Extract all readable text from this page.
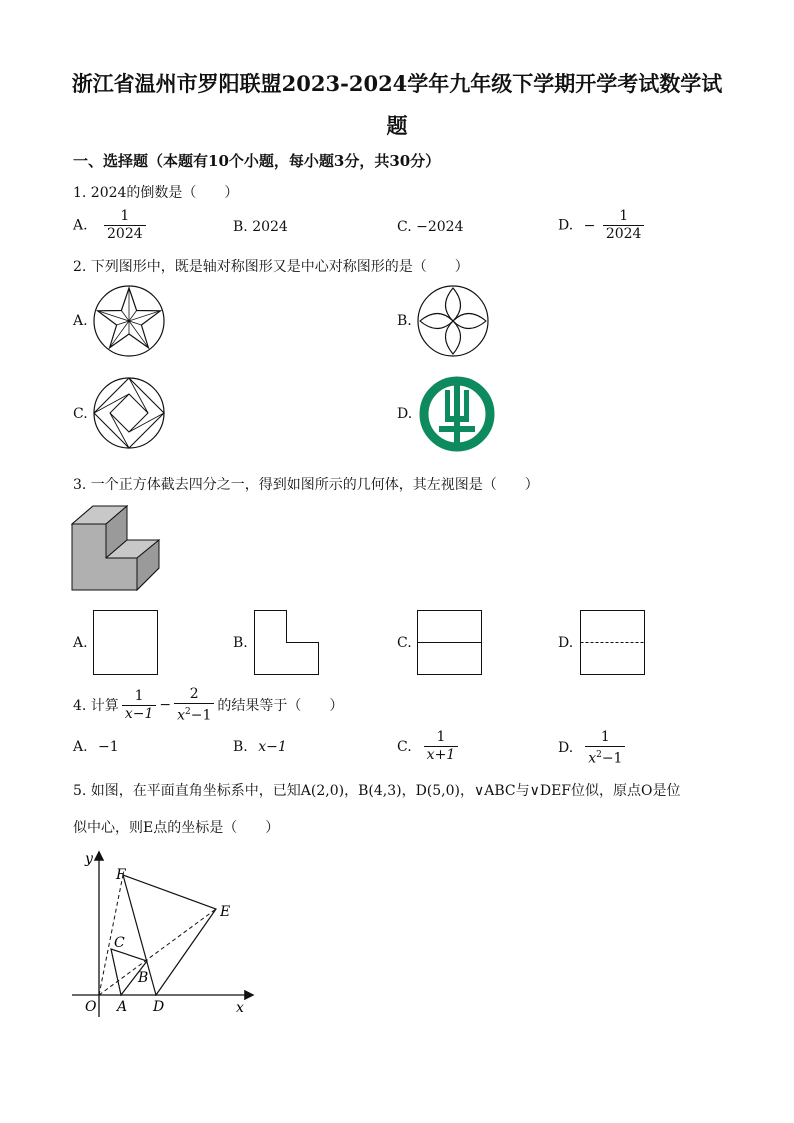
浙江省温州市罗阳联盟2023-2024学年九年级下学期开学考试数学试
题
一、选择题（本题有10个小题，每小题3分，共30分）
1. 2024的倒数是（　　）
A. $\frac{1}{2024}$	B. 2024	C. −2024	D. − $\frac{1}{2024}$
2. 下列图形中，既是轴对称图形又是中心对称图形的是（　　）
A.	B.
C.	D.
3. 一个正方体截去四分之一，得到如图所示的几何体，其左视图是（　　）
A.	B.	C.	D.
4. 计算 $\frac{1}{x-1} - \frac{2}{x^2-1}$ 的结果等于（　　）
A. −1	B. x−1	C. $\frac{1}{x+1}$	D. $\frac{1}{x^2-1}$
5. 如图，在平面直角坐标系中，已知A(2,0)，B(4,3)，D(5,0)，∨ABC与∨DEF位似，原点O是位
似中心，则E点的坐标是（　　）
x
y
O A
B
C
D
E
F
